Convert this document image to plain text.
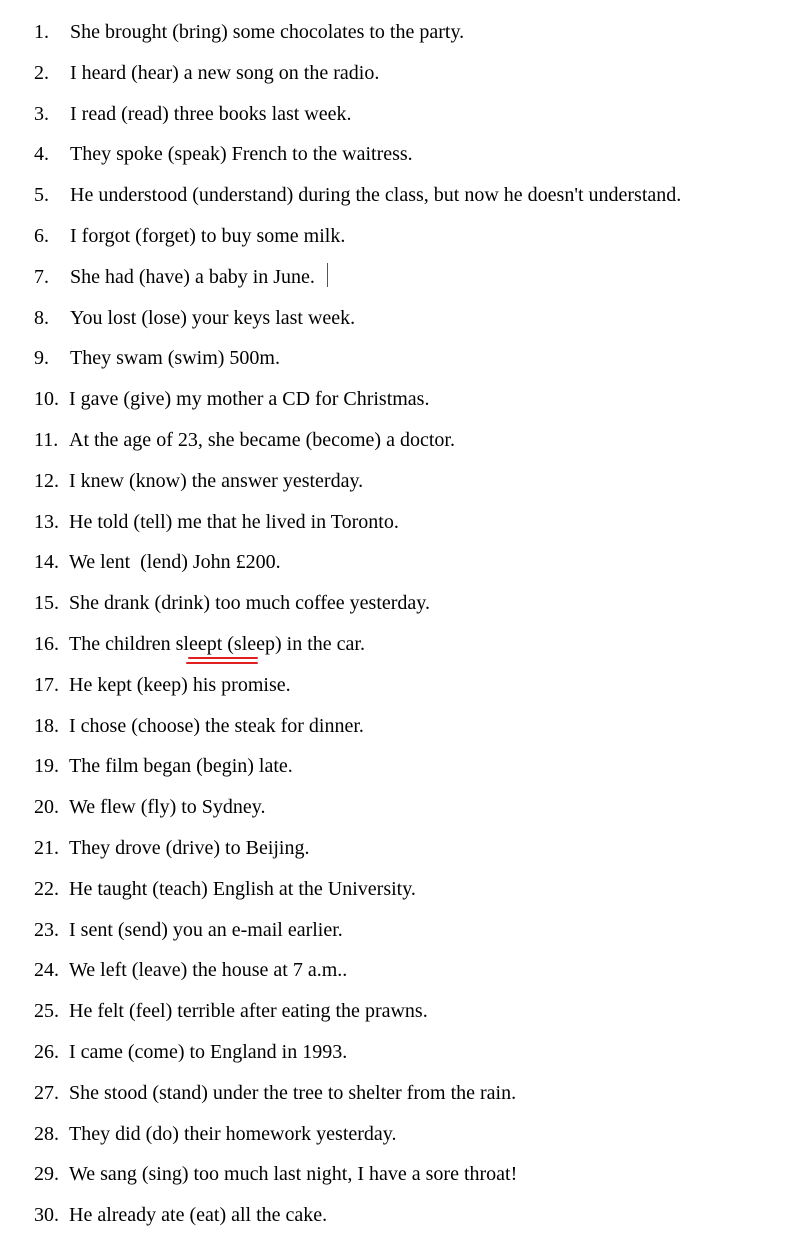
1. She brought (bring) some chocolates to the party.
2. I heard (hear) a new song on the radio.
3. I read (read) three books last week.
4. They spoke (speak) French to the waitress.
5. He understood (understand) during the class, but now he doesn't understand.
6. I forgot (forget) to buy some milk.
7. She had (have) a baby in June.
8. You lost (lose) your keys last week.
9. They swam (swim) 500m.
10. I gave (give) my mother a CD for Christmas.
11. At the age of 23, she became (become) a doctor.
12. I knew (know) the answer yesterday.
13. He told (tell) me that he lived in Toronto.
14. We lent  (lend) John £200.
15. She drank (drink) too much coffee yesterday.
16. The children sleept (sleep) in the car.
17. He kept (keep) his promise.
18. I chose (choose) the steak for dinner.
19. The film began (begin) late.
20. We flew (fly) to Sydney.
21. They drove (drive) to Beijing.
22. He taught (teach) English at the University.
23. I sent (send) you an e-mail earlier.
24. We left (leave) the house at 7 a.m..
25. He felt (feel) terrible after eating the prawns.
26. I came (come) to England in 1993.
27. She stood (stand) under the tree to shelter from the rain.
28. They did (do) their homework yesterday.
29. We sang (sing) too much last night, I have a sore throat!
30. He already ate (eat) all the cake.
